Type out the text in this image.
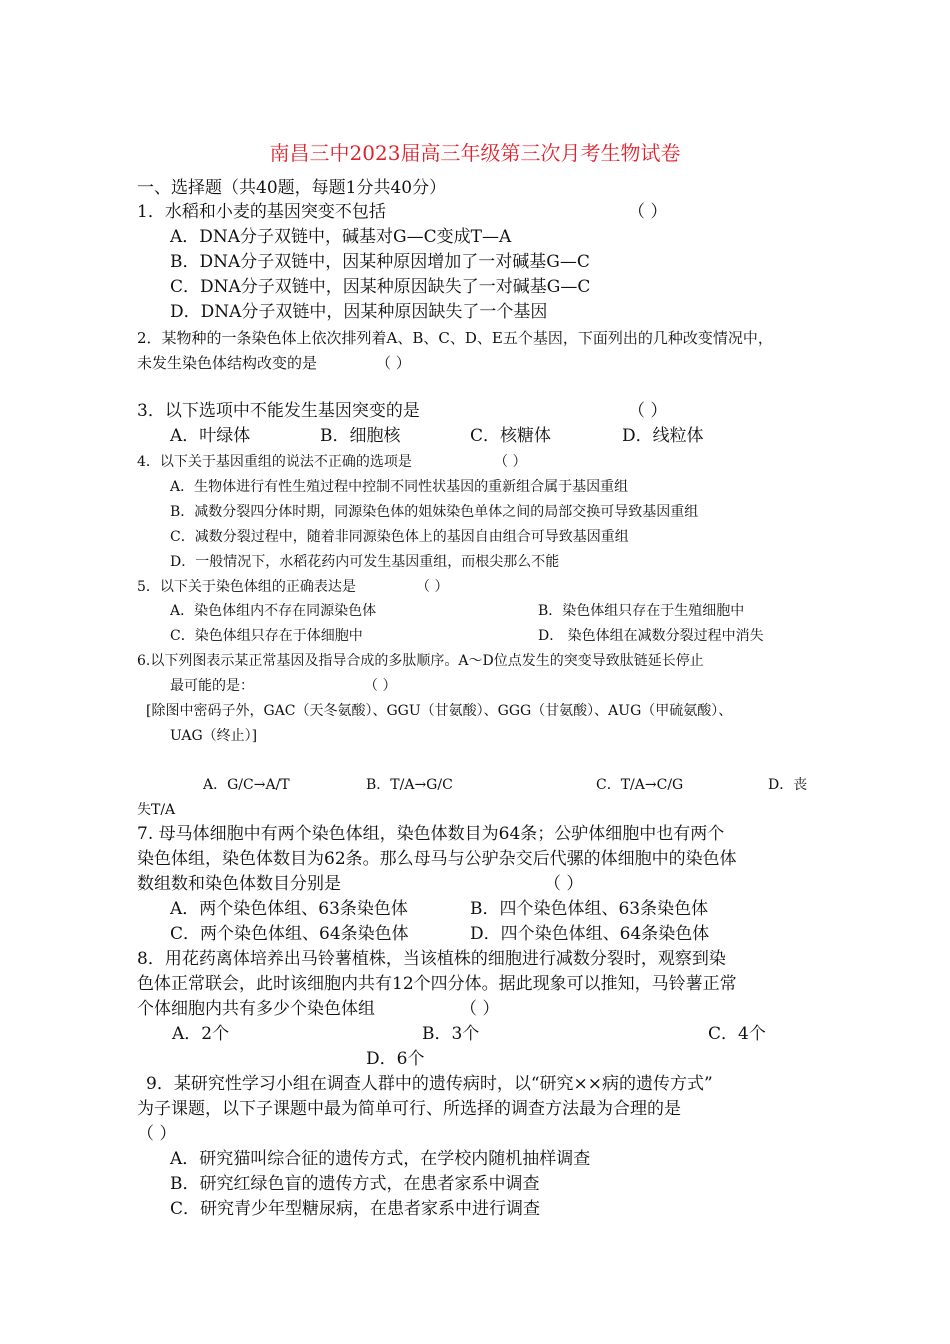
南昌三中2023届高三年级第三次月考生物试卷
一、选择题（共40题，每题1分共40分）
1．水稻和小麦的基因突变不包括	（ ）
A．DNA分子双链中，碱基对G—C变成T—A
B．DNA分子双链中，因某种原因增加了一对碱基G—C
C．DNA分子双链中，因某种原因缺失了一对碱基G—C
D．DNA分子双链中，因某种原因缺失了一个基因
2．某物种的一条染色体上依次排列着A、B、C、D、E五个基因，下面列出的几种改变情况中，
未发生染色体结构改变的是	（ ）
3．以下选项中不能发生基因突变的是	（ ）
A．叶绿体	B．细胞核	C．核糖体	D．线粒体
4．以下关于基因重组的说法不正确的选项是	（ ）
A．生物体进行有性生殖过程中控制不同性状基因的重新组合属于基因重组
B．减数分裂四分体时期，同源染色体的姐妹染色单体之间的局部交换可导致基因重组
C．减数分裂过程中，随着非同源染色体上的基因自由组合可导致基因重组
D．一般情况下，水稻花药内可发生基因重组，而根尖那么不能
5．以下关于染色体组的正确表达是	（ ）
A．染色体组内不存在同源染色体	B．染色体组只存在于生殖细胞中
C．染色体组只存在于体细胞中	D． 染色体组在减数分裂过程中消失
6.以下列图表示某正常基因及指导合成的多肽顺序。A～D位点发生的突变导致肽链延长停止
最可能的是：	（ ）
[除图中密码子外，GAC（天冬氨酸）、GGU（甘氨酸）、GGG（甘氨酸）、AUG（甲硫氨酸）、
UAG（终止）]
A．G/C→A/T	B．T/A→G/C	C．T/A→C/G	D．丧
失T/A
7. 母马体细胞中有两个染色体组，染色体数目为64条；公驴体细胞中也有两个
染色体组，染色体数目为62条。那么母马与公驴杂交后代骡的体细胞中的染色体
数组数和染色体数目分别是	（ ）
A．两个染色体组、63条染色体	B．四个染色体组、63条染色体
C．两个染色体组、64条染色体	D．四个染色体组、64条染色体
8．用花药离体培养出马铃薯植株，当该植株的细胞进行减数分裂时，观察到染
色体正常联会，此时该细胞内共有12个四分体。据此现象可以推知，马铃薯正常
个体细胞内共有多少个染色体组	（ ）
A．2个	B．3个	C．4个
D．6个
9．某研究性学习小组在调查人群中的遗传病时，以“研究××病的遗传方式”
为子课题，以下子课题中最为简单可行、所选择的调查方法最为合理的是
（ ）
A．研究猫叫综合征的遗传方式，在学校内随机抽样调查
B．研究红绿色盲的遗传方式，在患者家系中调查
C．研究青少年型糖尿病，在患者家系中进行调查
